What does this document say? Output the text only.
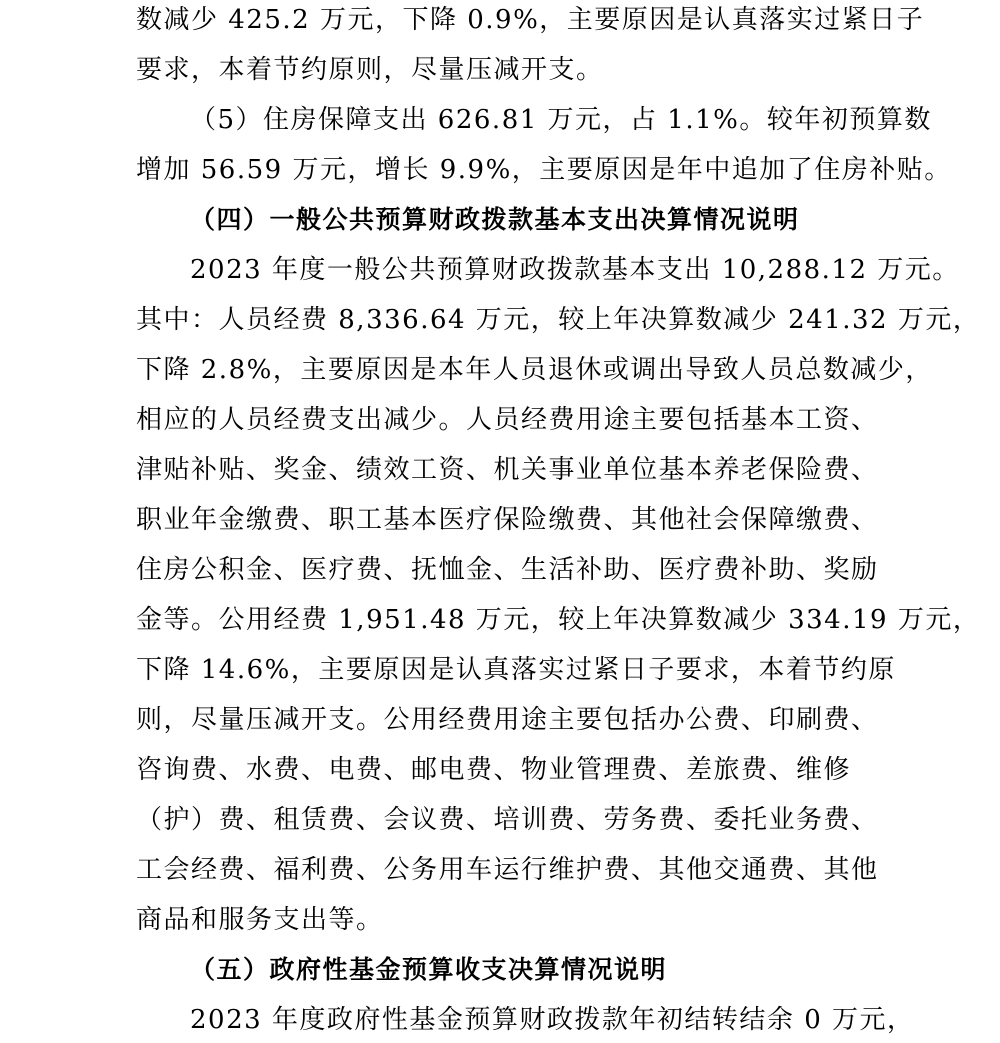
数减少 425.2 万元，下降 0.9%，主要原因是认真落实过紧日子
要求，本着节约原则，尽量压减开支。
（5）住房保障支出 626.81 万元，占 1.1%。较年初预算数
增加 56.59 万元，增长 9.9%，主要原因是年中追加了住房补贴。
（四）一般公共预算财政拨款基本支出决算情况说明
2023 年度一般公共预算财政拨款基本支出 10,288.12 万元。
其中：人员经费 8,336.64 万元，较上年决算数减少 241.32 万元，
下降 2.8%，主要原因是本年人员退休或调出导致人员总数减少，
相应的人员经费支出减少。人员经费用途主要包括基本工资、
津贴补贴、奖金、绩效工资、机关事业单位基本养老保险费、
职业年金缴费、职工基本医疗保险缴费、其他社会保障缴费、
住房公积金、医疗费、抚恤金、生活补助、医疗费补助、奖励
金等。公用经费 1,951.48 万元，较上年决算数减少 334.19 万元，
下降 14.6%，主要原因是认真落实过紧日子要求，本着节约原
则，尽量压减开支。公用经费用途主要包括办公费、印刷费、
咨询费、水费、电费、邮电费、物业管理费、差旅费、维修
（护）费、租赁费、会议费、培训费、劳务费、委托业务费、
工会经费、福利费、公务用车运行维护费、其他交通费、其他
商品和服务支出等。
（五）政府性基金预算收支决算情况说明
2023 年度政府性基金预算财政拨款年初结转结余 0 万元，
